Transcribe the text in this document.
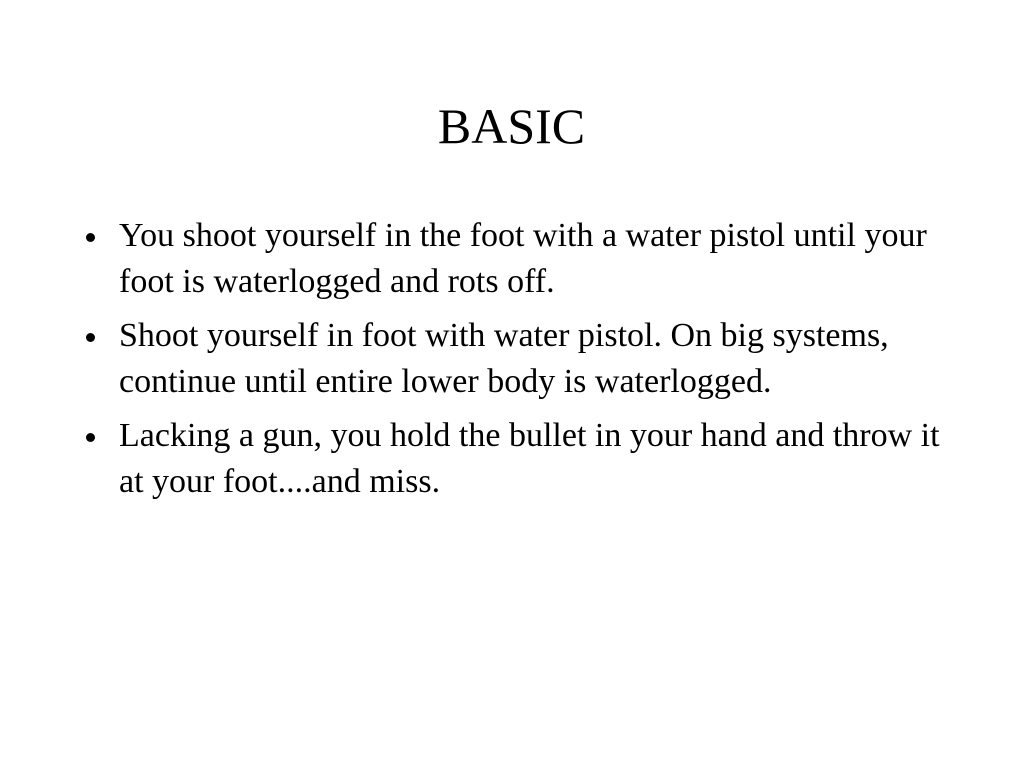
BASIC
You shoot yourself in the foot with a water pistol until your foot is waterlogged and rots off.
Shoot yourself in foot with water pistol. On big systems, continue until entire lower body is waterlogged.
Lacking a gun, you hold the bullet in your hand and throw it at your foot....and miss.
